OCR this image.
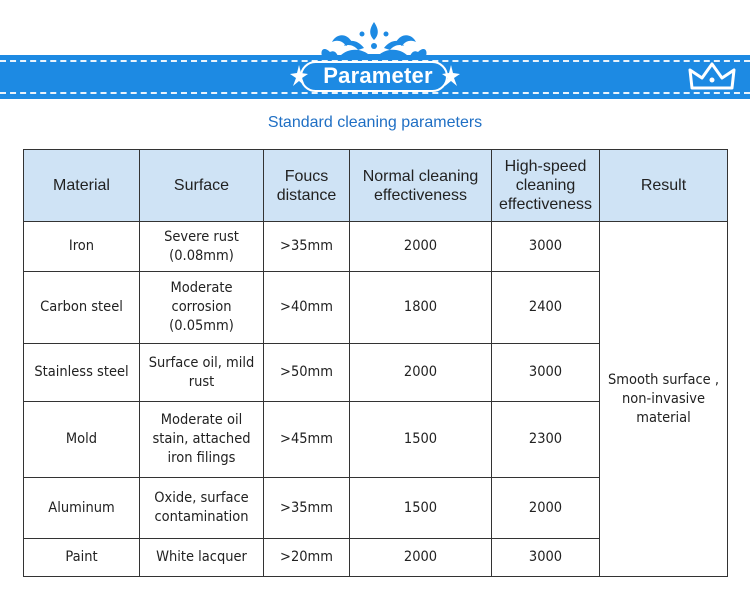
Parameter
Standard cleaning parameters
Material	Surface	Foucs distance	Normal cleaning effectiveness	High-speed cleaning effectiveness	Result
Iron	Severe rust (0.08mm)	>35mm	2000	3000	Smooth surface , non-invasive material
Carbon steel	Moderate corrosion (0.05mm)	>40mm	1800	2400	
Stainless steel	Surface oil, mild rust	>50mm	2000	3000	
Mold	Moderate oil stain, attached iron filings	>45mm	1500	2300	
Aluminum	Oxide, surface contamination	>35mm	1500	2000	
Paint	White lacquer	>20mm	2000	3000	
